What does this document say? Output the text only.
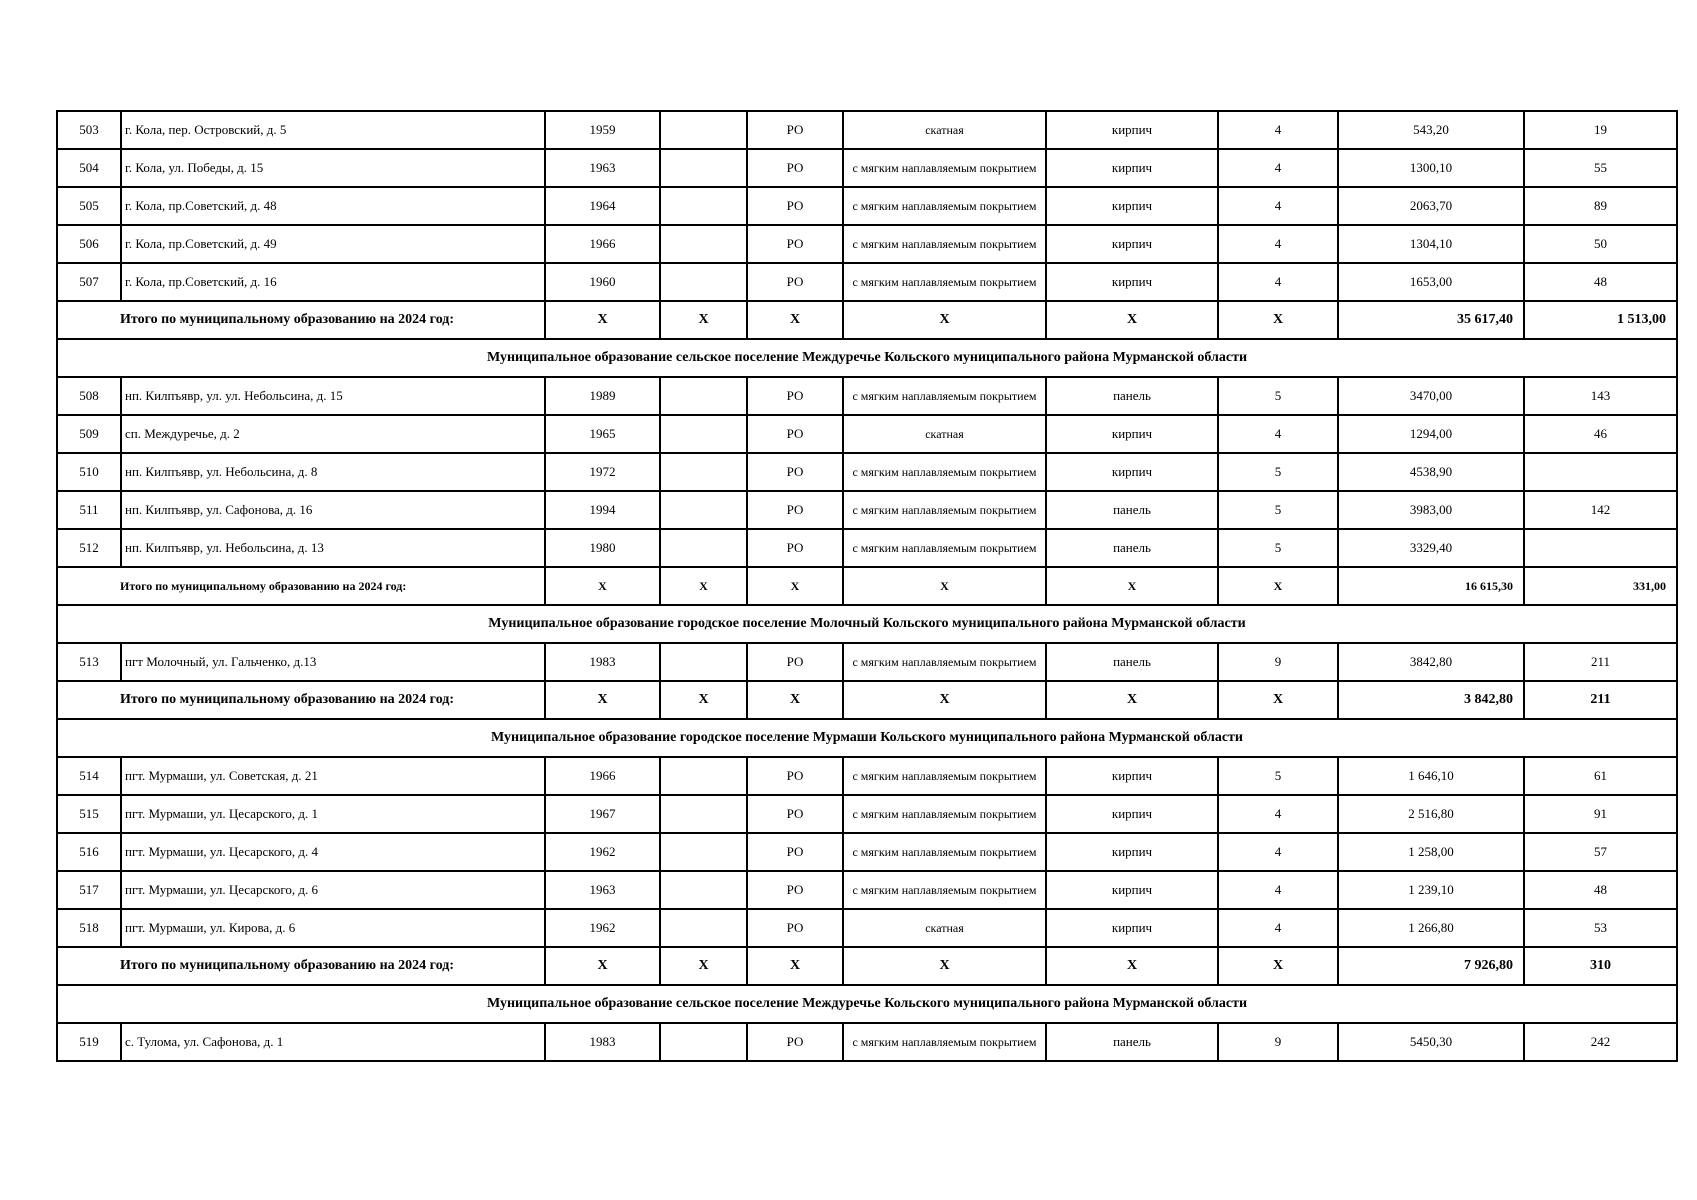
503	г. Кола, пер. Островский, д. 5	1959		РО	скатная	кирпич	4	543,20	19
504	г. Кола, ул. Победы, д. 15	1963		РО	с мягким наплавляемым покрытием	кирпич	4	1300,10	55
505	г. Кола, пр.Советский, д. 48	1964		РО	с мягким наплавляемым покрытием	кирпич	4	2063,70	89
506	г. Кола, пр.Советский, д. 49	1966		РО	с мягким наплавляемым покрытием	кирпич	4	1304,10	50
507	г. Кола, пр.Советский, д. 16	1960		РО	с мягким наплавляемым покрытием	кирпич	4	1653,00	48
Итого по муниципальному образованию на 2024 год:		Х	Х	Х	Х	Х	Х	35 617,40	1 513,00
Муниципальное образование сельское поселение Междуречье Кольского муниципального района Мурманской области									
508	нп. Килпъявр, ул. ул. Небольсина, д. 15	1989		РО	с мягким наплавляемым покрытием	панель	5	3470,00	143
509	сп. Междуречье, д. 2	1965		РО	скатная	кирпич	4	1294,00	46
510	нп. Килпъявр, ул. Небольсина, д. 8	1972		РО	с мягким наплавляемым покрытием	кирпич	5	4538,90	
511	нп. Килпъявр, ул. Сафонова, д. 16	1994		РО	с мягким наплавляемым покрытием	панель	5	3983,00	142
512	нп. Килпъявр, ул. Небольсина, д. 13	1980		РО	с мягким наплавляемым покрытием	панель	5	3329,40	
Итого по муниципальному образованию на 2024 год:		Х	Х	Х	Х	Х	Х	16 615,30	331,00
Муниципальное образование городское поселение Молочный Кольского муниципального района Мурманской области									
513	пгт Молочный, ул. Гальченко, д.13	1983		РО	с мягким наплавляемым покрытием	панель	9	3842,80	211
Итого по муниципальному образованию на 2024 год:		Х	Х	Х	Х	Х	Х	3 842,80	211
Муниципальное образование городское поселение Мурмаши Кольского муниципального района Мурманской области									
514	пгт. Мурмаши, ул. Советская, д. 21	1966		РО	с мягким наплавляемым покрытием	кирпич	5	1 646,10	61
515	пгт. Мурмаши, ул. Цесарского, д. 1	1967		РО	с мягким наплавляемым покрытием	кирпич	4	2 516,80	91
516	пгт. Мурмаши, ул. Цесарского, д. 4	1962		РО	с мягким наплавляемым покрытием	кирпич	4	1 258,00	57
517	пгт. Мурмаши, ул. Цесарского, д. 6	1963		РО	с мягким наплавляемым покрытием	кирпич	4	1 239,10	48
518	пгт. Мурмаши, ул. Кирова, д. 6	1962		РО	скатная	кирпич	4	1 266,80	53
Итого по муниципальному образованию на 2024 год:		Х	Х	Х	Х	Х	Х	7 926,80	310
Муниципальное образование сельское поселение Междуречье Кольского муниципального района Мурманской области									
519	с. Тулома, ул. Сафонова, д. 1	1983		РО	с мягким наплавляемым покрытием	панель	9	5450,30	242
